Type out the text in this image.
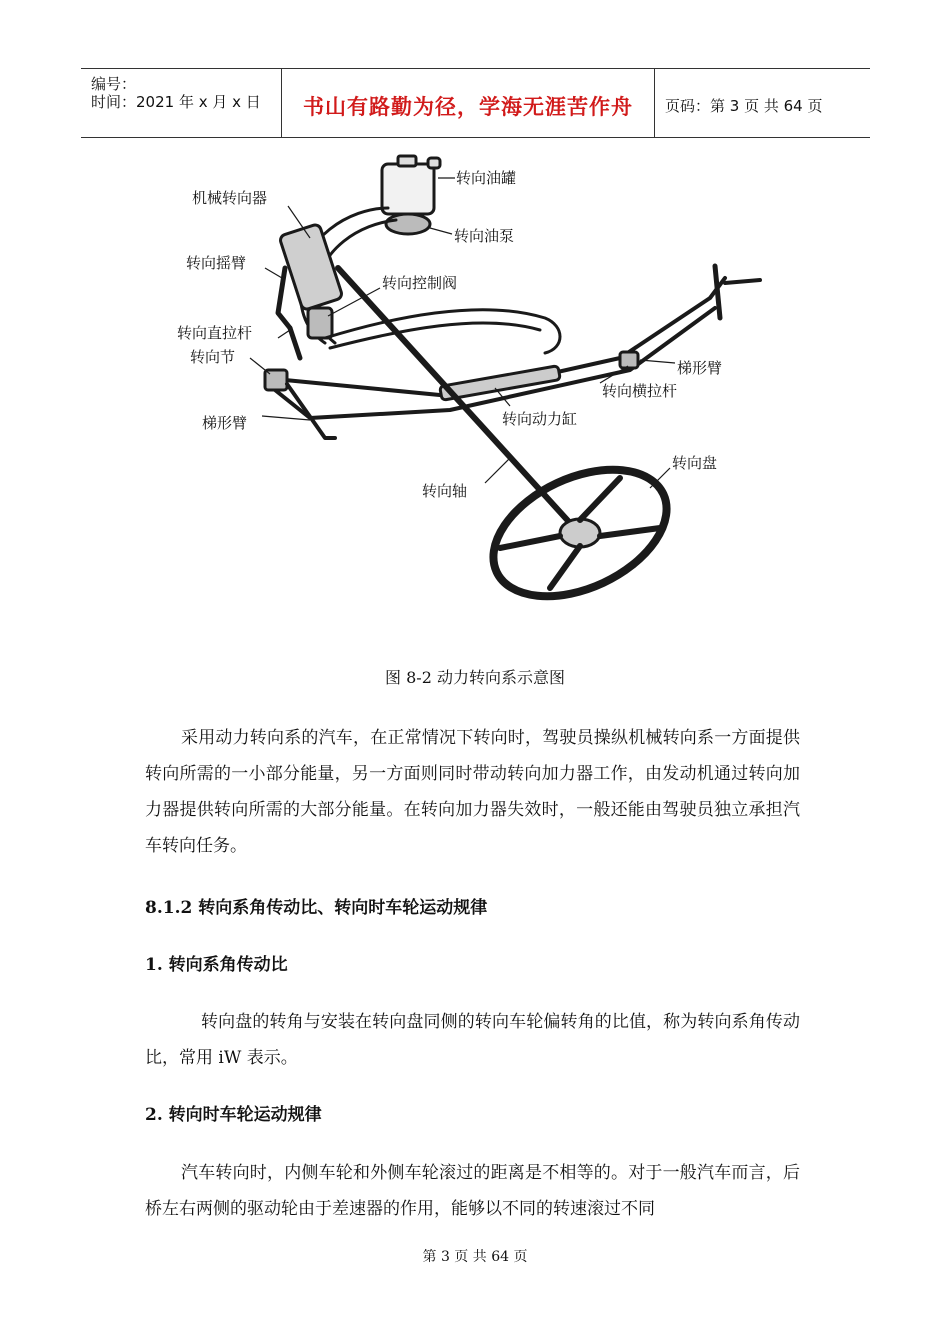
编号：
时间：2021 年 x 月 x 日	书山有路勤为径，学海无涯苦作舟	页码：第 3 页 共 64 页
转向油罐
机械转向器
转向油泵
转向摇臂
转向控制阀
转向直拉杆
转向节
梯形臂
转向横拉杆
梯形臂	转向动力缸
转向盘
转向轴
图 8-2 动力转向系示意图
采用动力转向系的汽车，在正常情况下转向时，驾驶员操纵机械转向系一方面提供转向所需的一小部分能量，另一方面则同时带动转向加力器工作，由发动机通过转向加力器提供转向所需的大部分能量。在转向加力器失效时，一般还能由驾驶员独立承担汽车转向任务。
8.1.2 转向系角传动比、转向时车轮运动规律
1. 转向系角传动比
转向盘的转角与安装在转向盘同侧的转向车轮偏转角的比值，称为转向系角传动比，常用 iW 表示。
2. 转向时车轮运动规律
汽车转向时，内侧车轮和外侧车轮滚过的距离是不相等的。对于一般汽车而言，后桥左右两侧的驱动轮由于差速器的作用，能够以不同的转速滚过不同
第 3 页 共 64 页
